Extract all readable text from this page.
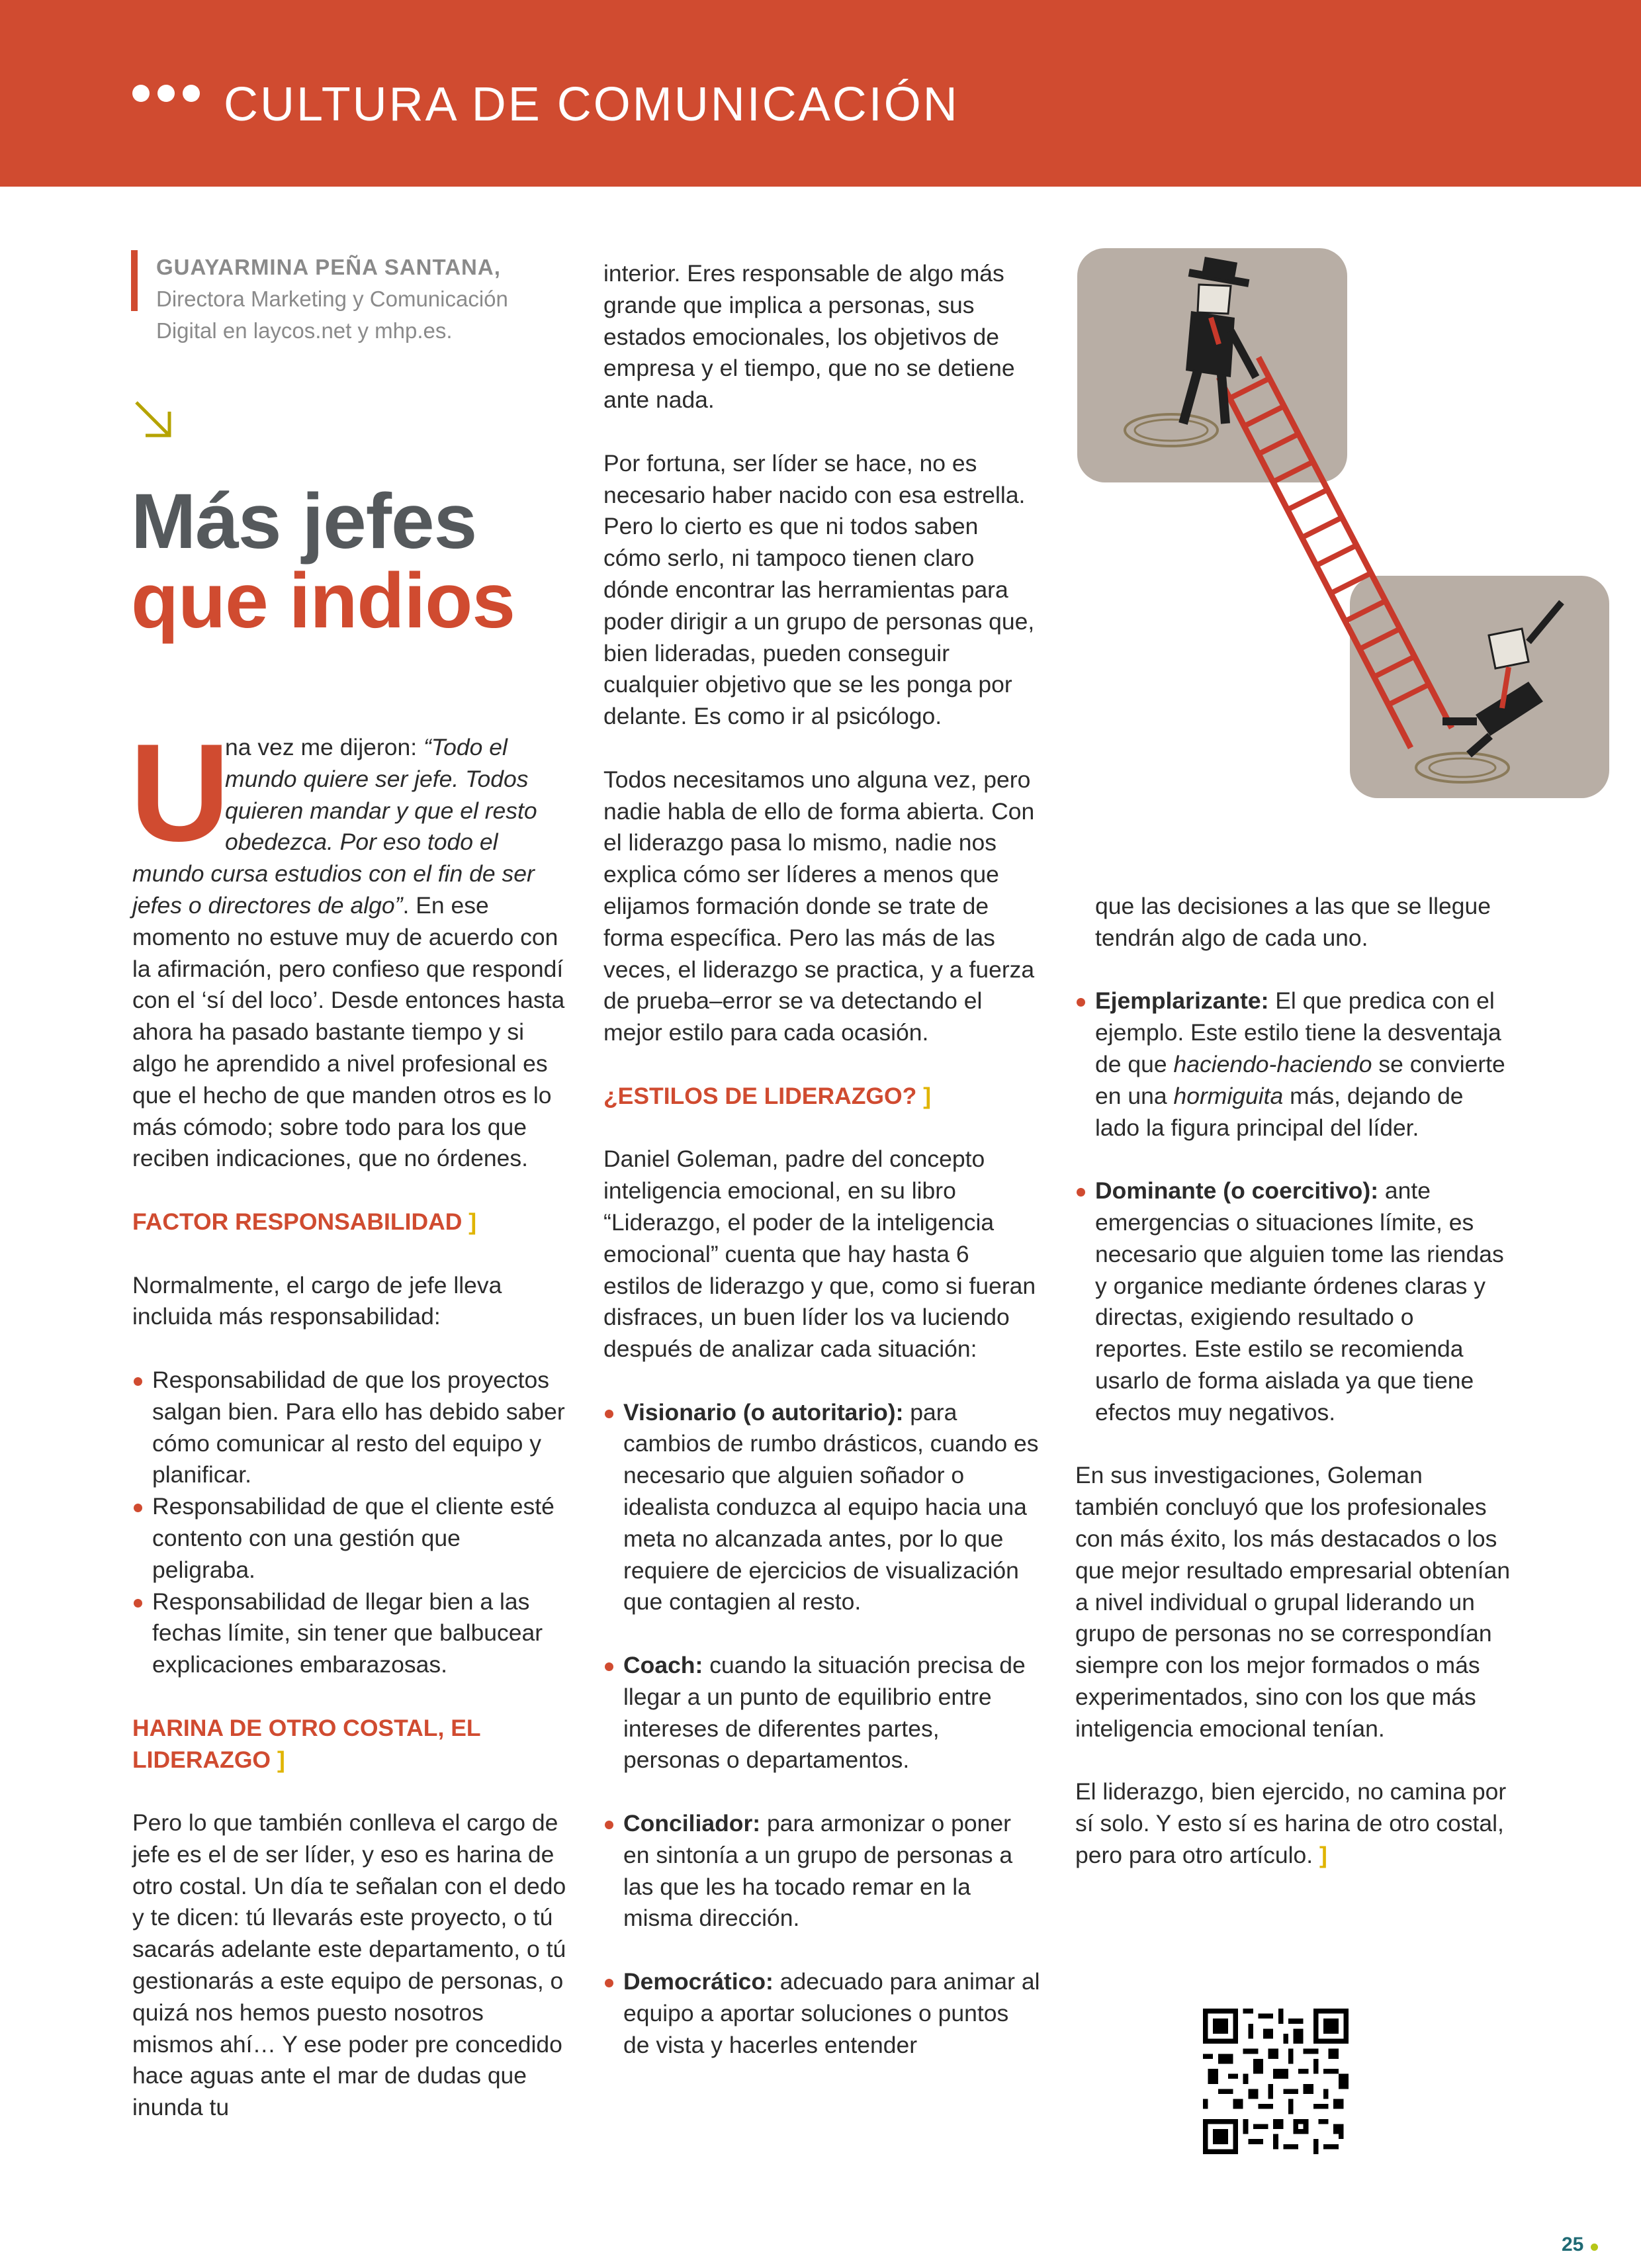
CULTURA DE COMUNICACIÓN
GUAYARMINA PEÑA SANTANA,
Directora Marketing y Comunicación
Digital en laycos.net y mhp.es.
Más jefes
que indios
U

na vez me dijeron: “Todo el mundo quiere ser jefe. Todos quieren mandar y que el resto obedezca. Por eso todo el mundo cursa estudios con el fin de ser jefes o directores de algo”. En ese momento no estuve muy de acuerdo con la afirmación, pero confieso que respondí con el ‘sí del loco’. Desde entonces hasta ahora ha pasado bastante tiempo y si algo he aprendido a nivel profesional es que el hecho de que manden otros es lo más cómodo; sobre todo para los que reciben indicaciones, que no órdenes.

FACTOR RESPONSABILIDAD ]

Normalmente, el cargo de jefe lleva incluida más responsabilidad:

Responsabilidad de que los proyectos salgan bien. Para ello has debido saber cómo comunicar al resto del equipo y planificar.
Responsabilidad de que el cliente esté contento con una gestión que peligraba.
Responsabilidad de llegar bien a las fechas límite, sin tener que balbucear explicaciones embarazosas.
HARINA DE OTRO COSTAL, EL LIDERAZGO ]

Pero lo que también conlleva el cargo de jefe es el de ser líder, y eso es harina de otro costal. Un día te señalan con el dedo y te dicen: tú llevarás este proyecto, o tú sacarás adelante este departamento, o tú gestionarás a este equipo de personas, o quizá nos hemos puesto nosotros mismos ahí… Y ese poder pre concedido hace aguas ante el mar de dudas que inunda tu

interior. Eres responsable de algo más grande que implica a personas, sus estados emocionales, los objetivos de empresa y el tiempo, que no se detiene ante nada.

Por fortuna, ser líder se hace, no es necesario haber nacido con esa estrella. Pero lo cierto es que ni todos saben cómo serlo, ni tampoco tienen claro dónde encontrar las herramientas para poder dirigir a un grupo de personas que, bien lideradas, pueden conseguir cualquier objetivo que se les ponga por delante. Es como ir al psicólogo.

Todos necesitamos uno alguna vez, pero nadie habla de ello de forma abierta. Con el liderazgo pasa lo mismo, nadie nos explica cómo ser líderes a menos que elijamos formación donde se trate de forma específica. Pero las más de las veces, el liderazgo se practica, y a fuerza de prueba–error se va detectando el mejor estilo para cada ocasión.

¿ESTILOS DE LIDERAZGO? ]

Daniel Goleman, padre del concepto inteligencia emocional, en su libro “Liderazgo, el poder de la inteligencia emocional” cuenta que hay hasta 6 estilos de liderazgo y que, como si fueran disfraces, un buen líder los va luciendo después de analizar cada situación:

Visionario (o autoritario): para cambios de rumbo drásticos, cuando es necesario que alguien soñador o idealista conduzca al equipo hacia una meta no alcanzada antes, por lo que requiere de ejercicios de visualización que contagien al resto.
Coach: cuando la situación precisa de llegar a un punto de equilibrio entre intereses de diferentes partes, personas o departamentos.
Conciliador: para armonizar o poner en sintonía a un grupo de personas a las que les ha tocado remar en la misma dirección.
Democrático: adecuado para animar al equipo a aportar soluciones o puntos de vista y hacerles entender

que las decisiones a las que se llegue tendrán algo de cada uno.

Ejemplarizante: El que predica con el ejemplo. Este estilo tiene la desventaja de que haciendo-haciendo se convierte en una hormiguita más, dejando de lado la figura principal del líder.
Dominante (o coercitivo): ante emergencias o situaciones límite, es necesario que alguien tome las riendas y organice mediante órdenes claras y directas, exigiendo resultado o reportes. Este estilo se recomienda usarlo de forma aislada ya que tiene efectos muy negativos.

En sus investigaciones, Goleman también concluyó que los profesionales con más éxito, los más destacados o los que mejor resultado empresarial obtenían a nivel individual o grupal liderando un grupo de personas no se correspondían siempre con los mejor formados o más experimentados, sino con los que más inteligencia emocional tenían.

El liderazgo, bien ejercido, no camina por sí solo. Y esto sí es harina de otro costal, pero para otro artículo. ]

25
